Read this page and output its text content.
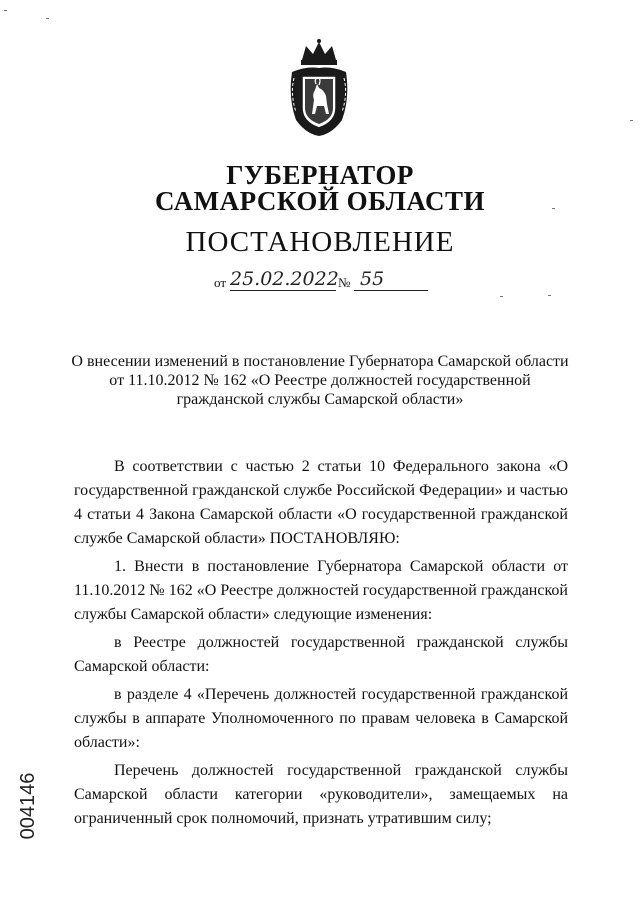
ГУБЕРНАТОР
САМАРСКОЙ ОБЛАСТИ
ПОСТАНОВЛЕНИЕ
от 25.02.2022 № 55
О внесении изменений в постановление Губернатора Самарской области
от 11.10.2012 № 162 «О Реестре должностей государственной
гражданской службы Самарской области»

В соответствии с частью 2 статьи 10 Федерального закона «О государственной гражданской службе Российской Федерации» и частью 4 статьи 4 Закона Самарской области «О государственной гражданской службе Самарской области» ПОСТАНОВЛЯЮ:

1. Внести в постановление Губернатора Самарской области от 11.10.2012 № 162 «О Реестре должностей государственной гражданской службы Самарской области» следующие изменения:

в Реестре должностей государственной гражданской службы Самарской области:

в разделе 4 «Перечень должностей государственной гражданской службы в аппарате Уполномоченного по правам человека в Самарской области»:

Перечень должностей государственной гражданской службы Самарской области категории «руководители», замещаемых на ограниченный срок полномочий, признать утратившим силу;

004146
